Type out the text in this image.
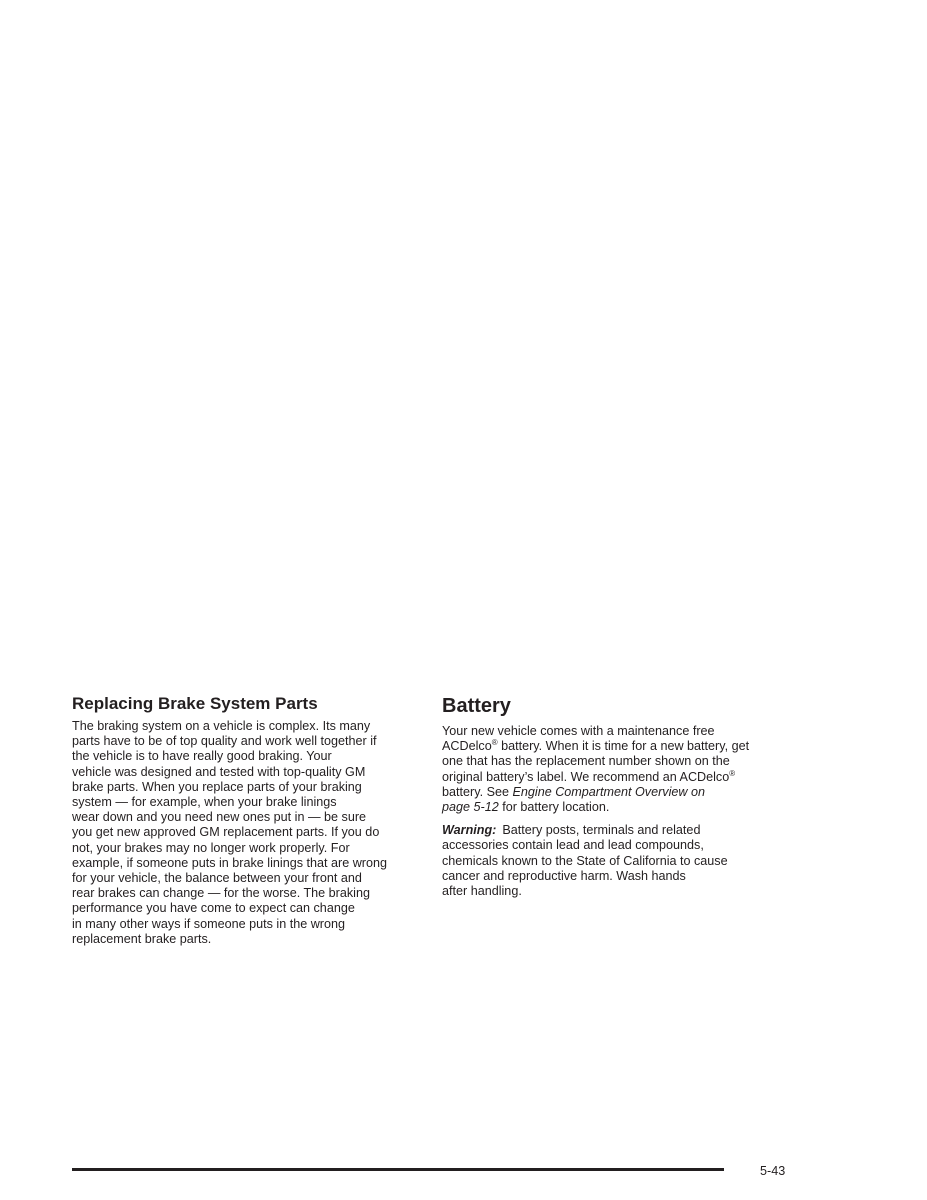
Replacing Brake System Parts

The braking system on a vehicle is complex. Its many
parts have to be of top quality and work well together if
the vehicle is to have really good braking. Your
vehicle was designed and tested with top-quality GM
brake parts. When you replace parts of your braking
system — for example, when your brake linings
wear down and you need new ones put in — be sure
you get new approved GM replacement parts. If you do
not, your brakes may no longer work properly. For
example, if someone puts in brake linings that are wrong
for your vehicle, the balance between your front and
rear brakes can change — for the worse. The braking
performance you have come to expect can change
in many other ways if someone puts in the wrong
replacement brake parts.

Battery

Your new vehicle comes with a maintenance free
ACDelco® battery. When it is time for a new battery, get
one that has the replacement number shown on the
original battery’s label. We recommend an ACDelco®
battery. See Engine Compartment Overview on
page 5-12 for battery location.

Warning: Battery posts, terminals and related
accessories contain lead and lead compounds,
chemicals known to the State of California to cause
cancer and reproductive harm. Wash hands
after handling.

5-43
